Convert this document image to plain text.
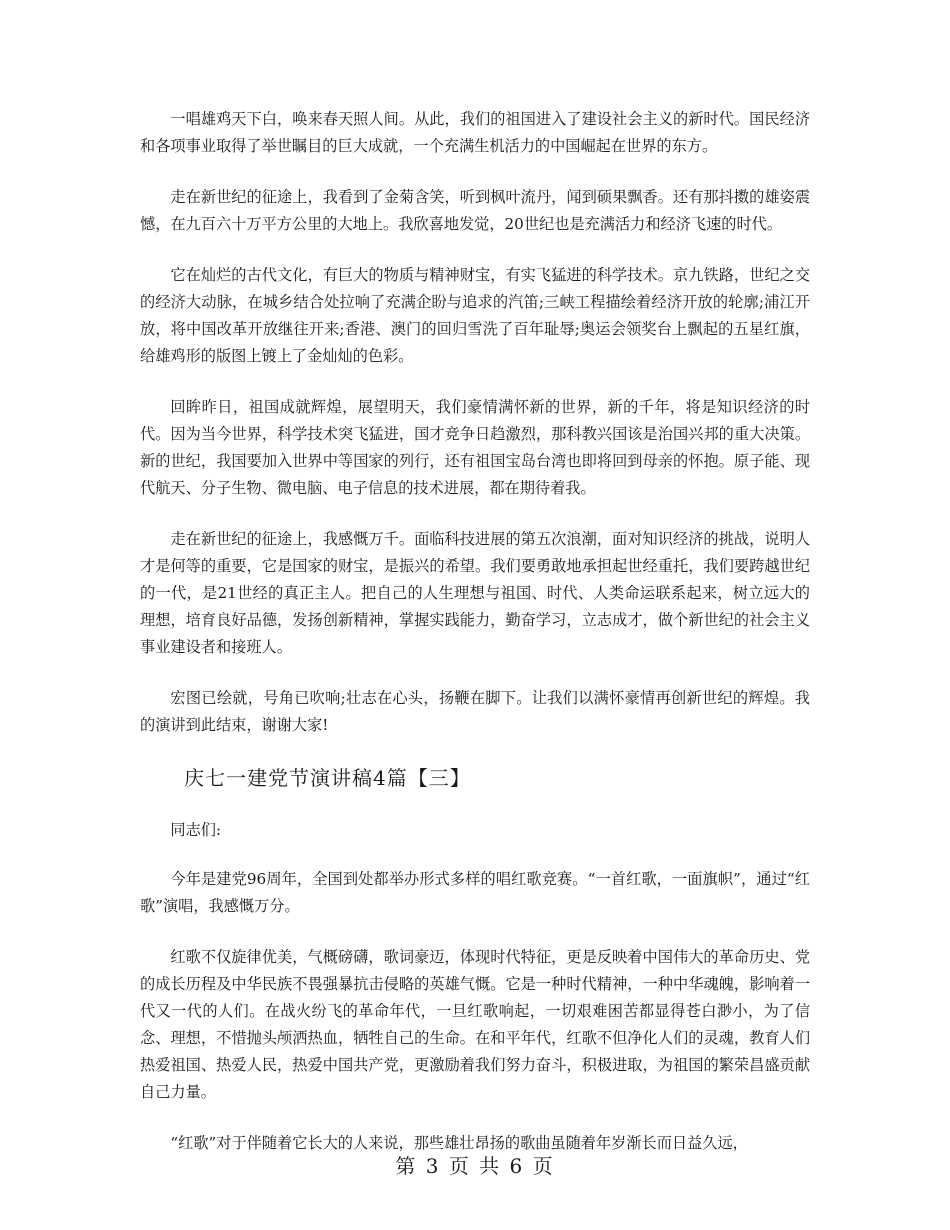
一唱雄鸡天下白，唤来春天照人间。从此，我们的祖国进入了建设社会主义的新时代。国民经济和各项事业取得了举世瞩目的巨大成就，一个充满生机活力的中国崛起在世界的东方。

走在新世纪的征途上，我看到了金菊含笑，听到枫叶流丹，闻到硕果飘香。还有那抖擞的雄姿震憾，在九百六十万平方公里的大地上。我欣喜地发觉，20世纪也是充满活力和经济飞速的时代。

它在灿烂的古代文化，有巨大的物质与精神财宝，有实飞猛进的科学技术。京九铁路，世纪之交的经济大动脉，在城乡结合处拉响了充满企盼与追求的汽笛;三峡工程描绘着经济开放的轮廓;浦江开放，将中国改革开放继往开来;香港、澳门的回归雪洗了百年耻辱;奥运会领奖台上飘起的五星红旗，给雄鸡形的版图上镀上了金灿灿的色彩。

回眸昨日，祖国成就辉煌，展望明天，我们豪情满怀新的世界，新的千年，将是知识经济的时代。因为当今世界，科学技术突飞猛进，国才竞争日趋激烈，那科教兴国该是治国兴邦的重大决策。新的世纪，我国要加入世界中等国家的列行，还有祖国宝岛台湾也即将回到母亲的怀抱。原子能、现代航天、分子生物、微电脑、电子信息的技术进展，都在期待着我。

走在新世纪的征途上，我感慨万千。面临科技进展的第五次浪潮，面对知识经济的挑战，说明人才是何等的重要，它是国家的财宝，是振兴的希望。我们要勇敢地承担起世经重托，我们要跨越世纪的一代，是21世经的真正主人。把自己的人生理想与祖国、时代、人类命运联系起来，树立远大的理想，培育良好品德，发扬创新精神，掌握实践能力，勤奋学习，立志成才，做个新世纪的社会主义事业建设者和接班人。

宏图已绘就，号角已吹响;壮志在心头，扬鞭在脚下。让我们以满怀豪情再创新世纪的辉煌。我的演讲到此结束，谢谢大家!

庆七一建党节演讲稿4篇【三】

同志们:

今年是建党96周年，全国到处都举办形式多样的唱红歌竞赛。“一首红歌，一面旗帜”，通过“红歌”演唱，我感慨万分。

红歌不仅旋律优美，气概磅礴，歌词豪迈，体现时代特征，更是反映着中国伟大的革命历史、党的成长历程及中华民族不畏强暴抗击侵略的英雄气慨。它是一种时代精神，一种中华魂魄，影响着一代又一代的人们。在战火纷飞的革命年代，一旦红歌响起，一切艰难困苦都显得苍白渺小，为了信念、理想，不惜抛头颅洒热血，牺牲自己的生命。在和平年代，红歌不但净化人们的灵魂，教育人们热爱祖国、热爱人民，热爱中国共产党，更激励着我们努力奋斗，积极进取，为祖国的繁荣昌盛贡献自己力量。

“红歌”对于伴随着它长大的人来说，那些雄壮昂扬的歌曲虽随着年岁渐长而日益久远，

第 3 页 共 6 页
